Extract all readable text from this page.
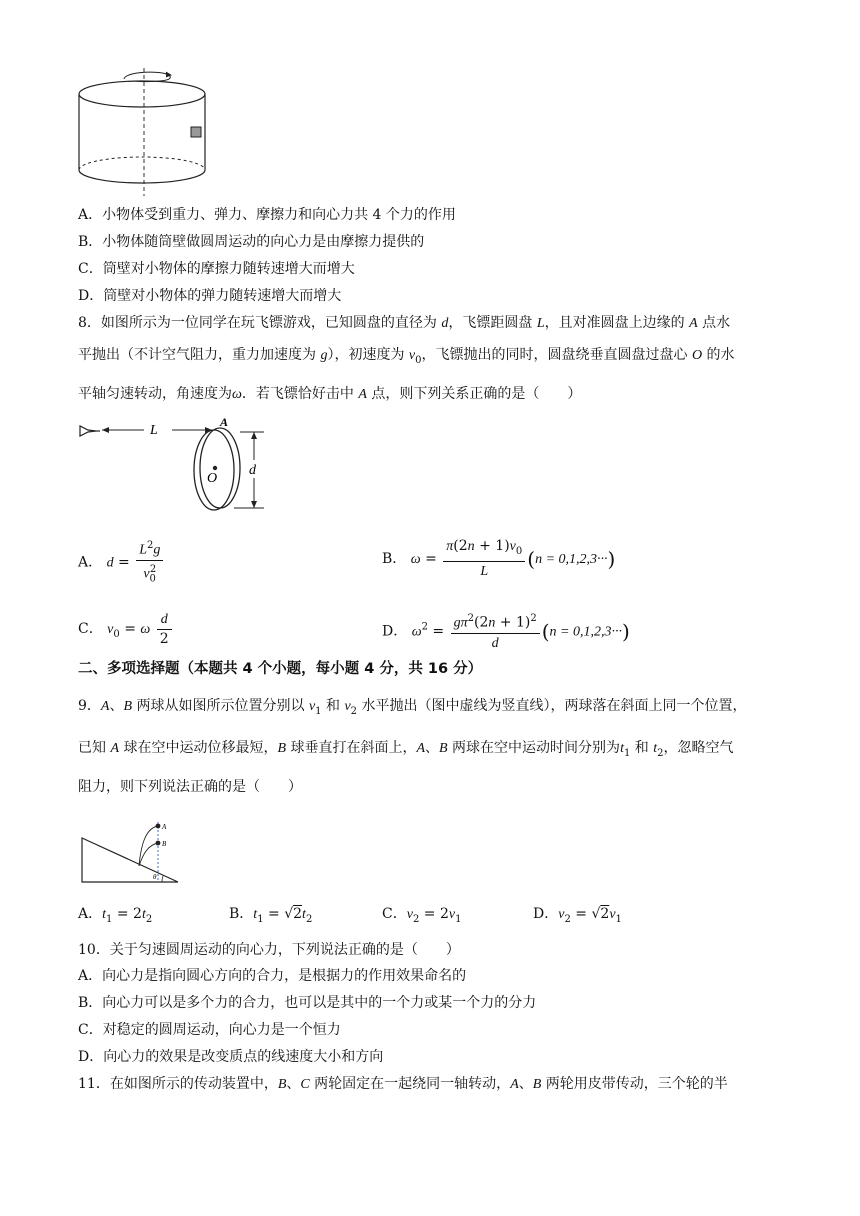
A．小物体受到重力、弹力、摩擦力和向心力共 4 个力的作用
B．小物体随筒壁做圆周运动的向心力是由摩擦力提供的
C．筒壁对小物体的摩擦力随转速增大而增大
D．筒壁对小物体的弹力随转速增大而增大
8．如图所示为一位同学在玩飞镖游戏，已知圆盘的直径为 d，飞镖距圆盘 L，且对准圆盘上边缘的 A 点水
平抛出（不计空气阻力，重力加速度为 g），初速度为 $v_0$，飞镖抛出的同时，圆盘绕垂直圆盘过盘心 O 的水
平轴匀速转动，角速度为ω．若飞镖恰好击中 A 点，则下列关系正确的是（　　）
L
A
O
d
A． $d = \frac{L^2g}{v_0^2}$	B． $\omega = \frac{\pi(2n + 1)v_0}{L} (n = 0,1,2,3\cdot\cdot\cdot)$
C． $v_0 = \omega \frac{d}{2}$	D． $\omega^2 = \frac{g\pi^2(2n + 1)^2}{d} (n = 0,1,2,3\cdot\cdot\cdot)$
二、多项选择题（本题共 4 个小题，每小题 4 分，共 16 分）
9．A、B 两球从如图所示位置分别以 $v_1$ 和 $v_2$ 水平抛出（图中虚线为竖直线），两球落在斜面上同一个位置，
已知 A 球在空中运动位移最短，B 球垂直打在斜面上，A、B 两球在空中运动时间分别为$t_1$ 和 $t_2$，忽略空气
阻力，则下列说法正确的是（　　）
A
B
θ
A．$t_1 = 2t_2$	B．$t_1 = √2t_2$	C．$v_2 = 2v_1$	D．$v_2 = √2v_1$
10．关于匀速圆周运动的向心力，下列说法正确的是（　　）
A．向心力是指向圆心方向的合力，是根据力的作用效果命名的
B．向心力可以是多个力的合力，也可以是其中的一个力或某一个力的分力
C．对稳定的圆周运动，向心力是一个恒力
D．向心力的效果是改变质点的线速度大小和方向
11．在如图所示的传动装置中，B、C 两轮固定在一起绕同一轴转动，A、B 两轮用皮带传动，三个轮的半
